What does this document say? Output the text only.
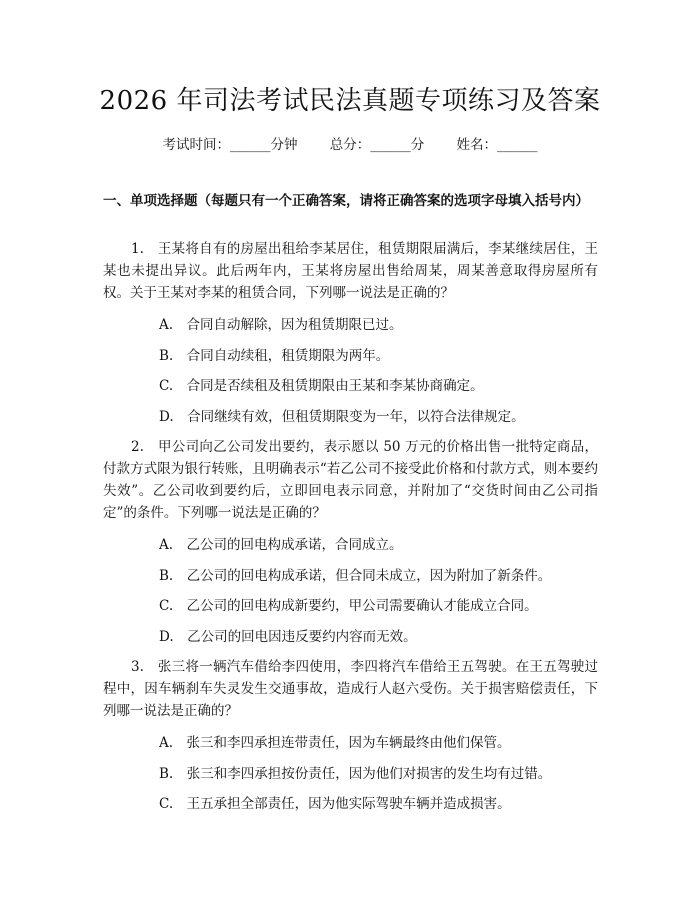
2026 年司法考试民法真题专项练习及答案
考试时间：______分钟 总分：______分 姓名：______
一、单项选择题（每题只有一个正确答案，请将正确答案的选项字母填入括号内）

1.　王某将自有的房屋出租给李某居住，租赁期限届满后，李某继续居住，王某也未提出异议。此后两年内，王某将房屋出售给周某，周某善意取得房屋所有权。关于王某对李某的租赁合同，下列哪一说法是正确的？

A.　合同自动解除，因为租赁期限已过。

B.　合同自动续租，租赁期限为两年。

C.　合同是否续租及租赁期限由王某和李某协商确定。

D.　合同继续有效，但租赁期限变为一年，以符合法律规定。

2.　甲公司向乙公司发出要约，表示愿以 50 万元的价格出售一批特定商品，付款方式限为银行转账，且明确表示“若乙公司不接受此价格和付款方式，则本要约失效”。乙公司收到要约后，立即回电表示同意，并附加了“交货时间由乙公司指定”的条件。下列哪一说法是正确的？

A.　乙公司的回电构成承诺，合同成立。

B.　乙公司的回电构成承诺，但合同未成立，因为附加了新条件。

C.　乙公司的回电构成新要约，甲公司需要确认才能成立合同。

D.　乙公司的回电因违反要约内容而无效。

3.　张三将一辆汽车借给李四使用，李四将汽车借给王五驾驶。在王五驾驶过程中，因车辆刹车失灵发生交通事故，造成行人赵六受伤。关于损害赔偿责任，下列哪一说法是正确的？

A.　张三和李四承担连带责任，因为车辆最终由他们保管。

B.　张三和李四承担按份责任，因为他们对损害的发生均有过错。

C.　王五承担全部责任，因为他实际驾驶车辆并造成损害。
